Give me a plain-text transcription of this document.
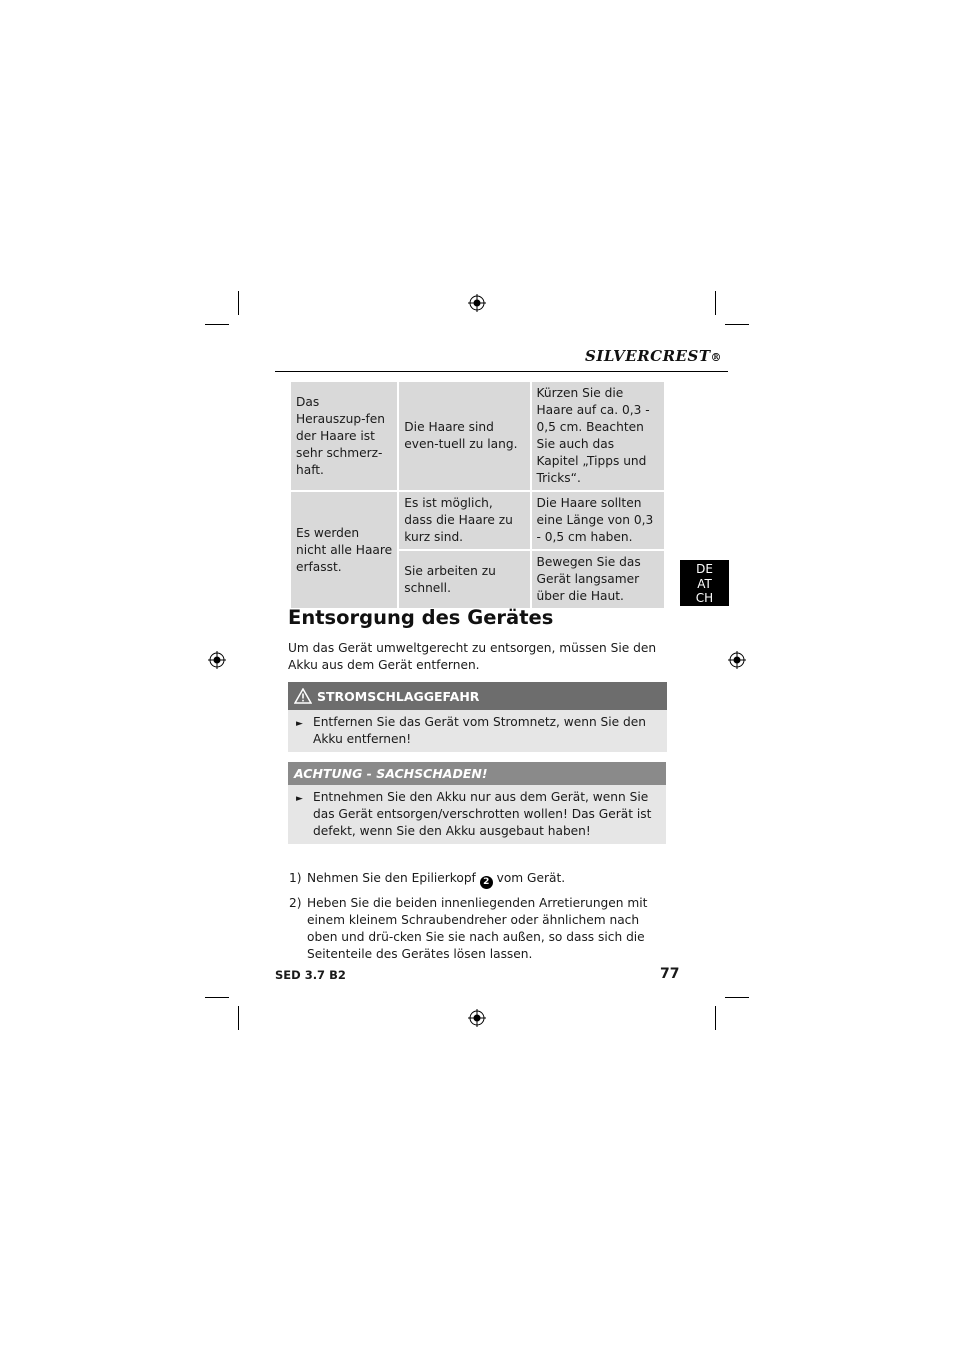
SILVERCREST®
Das Herauszup-fen der Haare ist sehr schmerz-haft.	Die Haare sind even-tuell zu lang.	Kürzen Sie die Haare auf ca. 0,3 - 0,5 cm. Beachten Sie auch das Kapitel „Tipps und Tricks“.
Es werden nicht alle Haare erfasst.	Es ist möglich, dass die Haare zu kurz sind.	Die Haare sollten eine Länge von 0,3 - 0,5 cm haben.
	Sie arbeiten zu schnell.	Bewegen Sie das Gerät langsamer über die Haut.
DE
AT
CH
Entsorgung des Gerätes
Um das Gerät umweltgerecht zu entsorgen, müssen Sie den Akku aus dem Gerät entfernen.
STROMSCHLAGGEFAHR
► Entfernen Sie das Gerät vom Stromnetz, wenn Sie den Akku entfernen!
ACHTUNG - SACHSCHADEN!
► Entnehmen Sie den Akku nur aus dem Gerät, wenn Sie das Gerät entsorgen/verschrotten wollen! Das Gerät ist defekt, wenn Sie den Akku ausgebaut haben!
1) Nehmen Sie den Epilierkopf 2 vom Gerät.
2) Heben Sie die beiden innenliegenden Arretierungen mit einem kleinem Schraubendreher oder ähnlichem nach oben und drü-cken Sie sie nach außen, so dass sich die Seitenteile des Gerätes lösen lassen.
SED 3.7 B2	77
